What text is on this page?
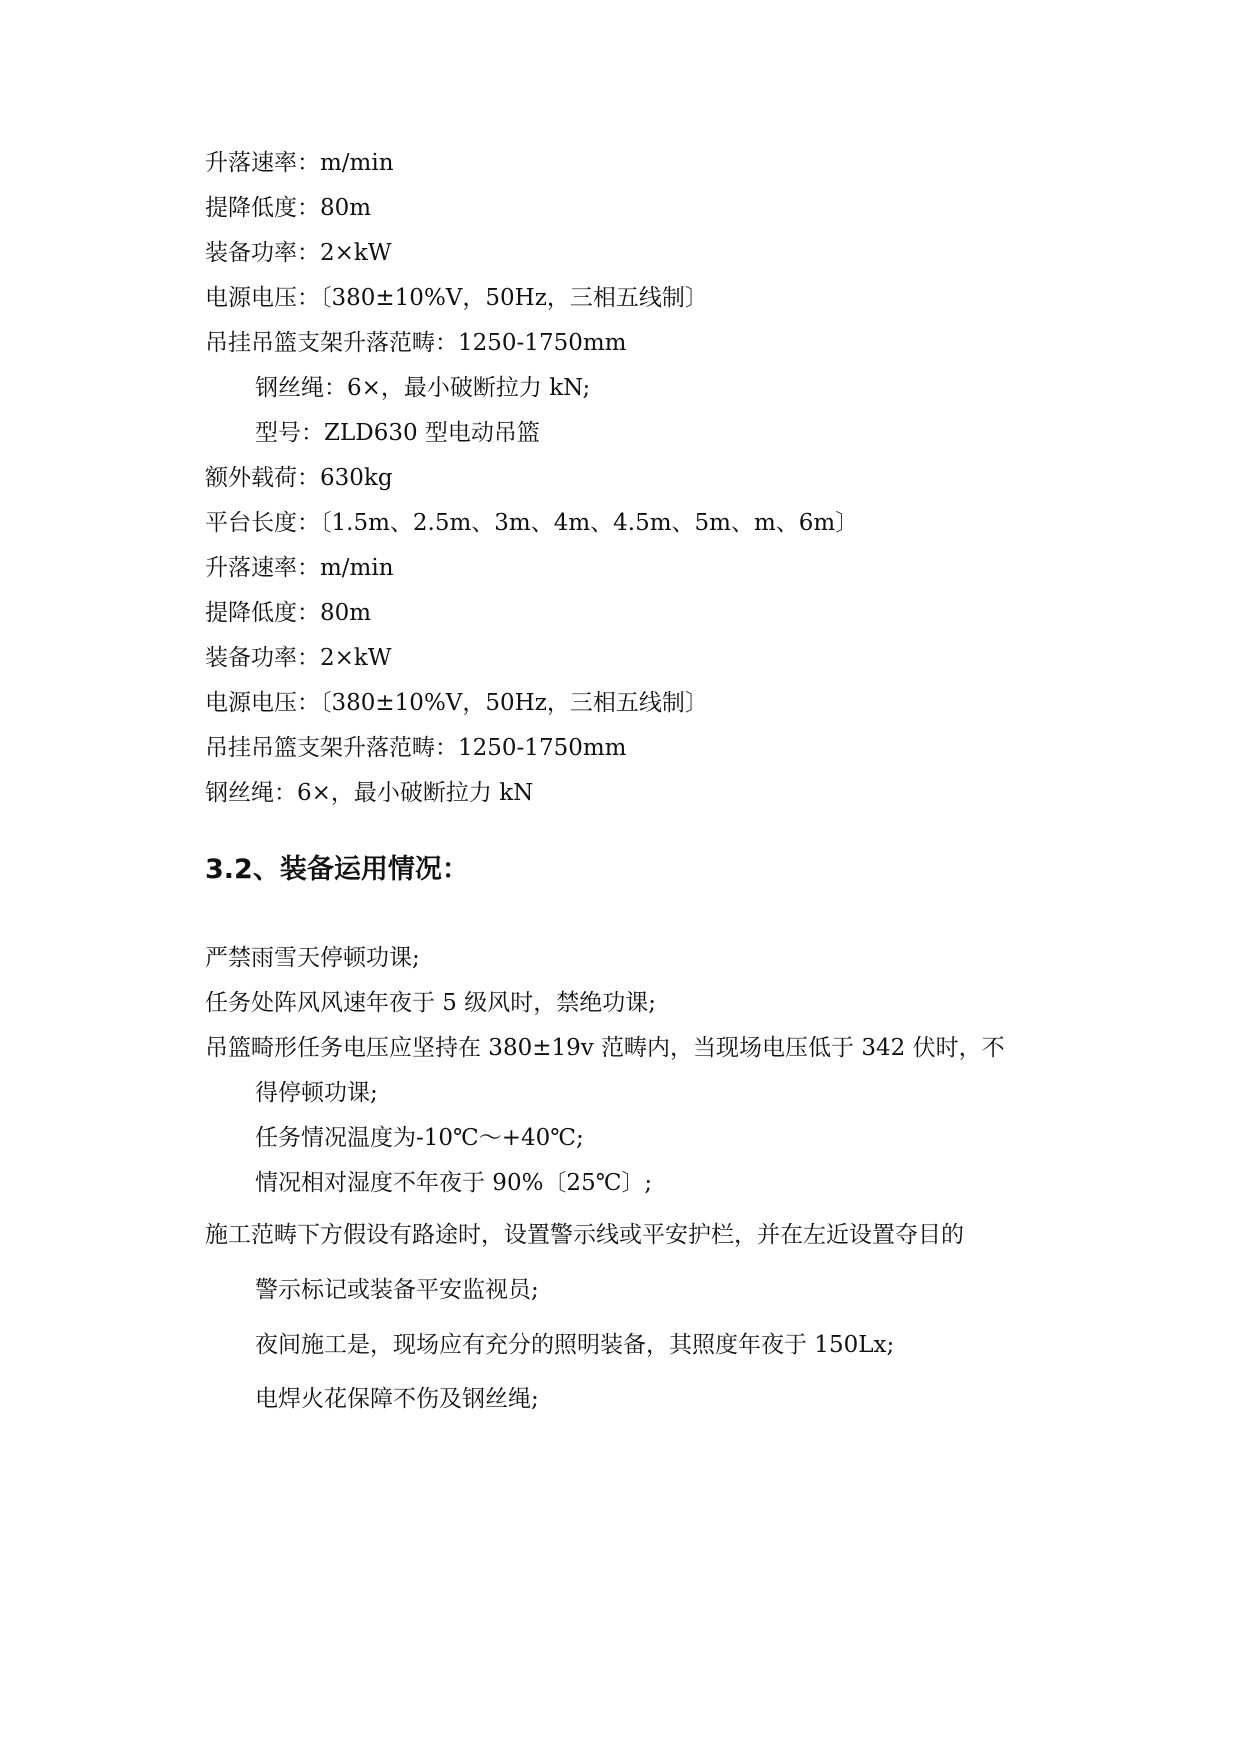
升落速率：m/min
提降低度：80m
装备功率：2×kW
电源电压：〔380±10%V，50Hz，三相五线制〕
吊挂吊篮支架升落范畴：1250-1750mm
钢丝绳：6×，最小破断拉力 kN;
型号：ZLD630 型电动吊篮
额外载荷：630kg
平台长度：〔1.5m、2.5m、3m、4m、4.5m、5m、m、6m〕
升落速率：m/min
提降低度：80m
装备功率：2×kW
电源电压：〔380±10%V，50Hz，三相五线制〕
吊挂吊篮支架升落范畴：1250-1750mm
钢丝绳：6×，最小破断拉力 kN
3.2、装备运用情况：
严禁雨雪天停顿功课;
任务处阵风风速年夜于 5 级风时，禁绝功课;
吊篮畸形任务电压应坚持在 380±19v 范畴内，当现场电压低于 342 伏时，不
得停顿功课;
任务情况温度为-10℃～+40℃;
情况相对湿度不年夜于 90%〔25℃〕;
施工范畴下方假设有路途时，设置警示线或平安护栏，并在左近设置夺目的
警示标记或装备平安监视员;
夜间施工是，现场应有充分的照明装备，其照度年夜于 150Lx;
电焊火花保障不伤及钢丝绳;
